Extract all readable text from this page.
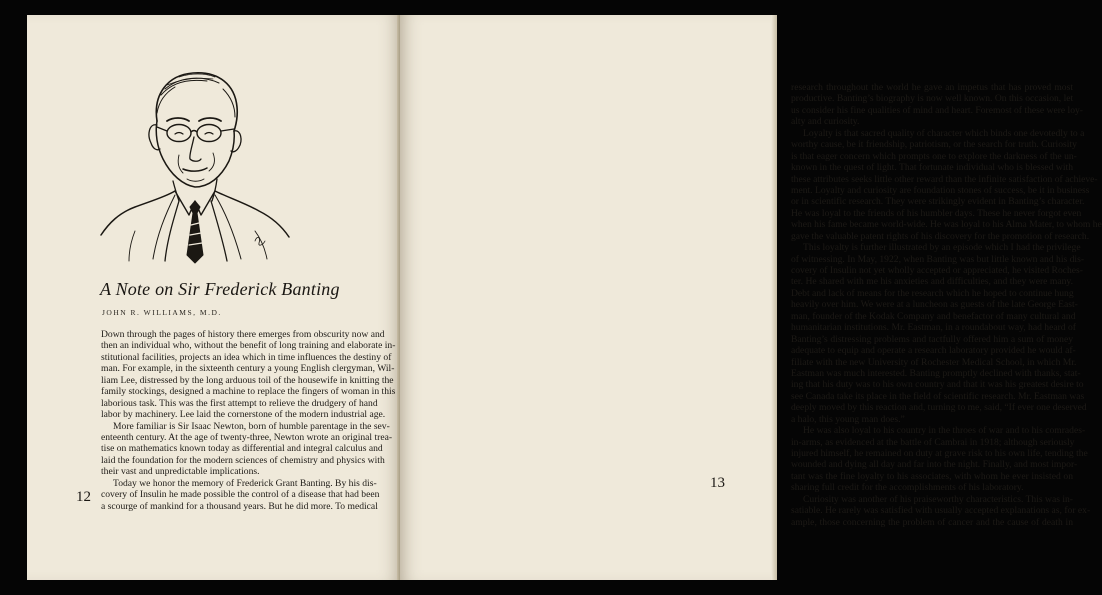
A Note on Sir Frederick Banting
JOHN R. WILLIAMS, M.D.
Down through the pages of history there emerges from obscurity now and
then an individual who, without the benefit of long training and elaborate in-
stitutional facilities, projects an idea which in time influences the destiny of
man. For example, in the sixteenth century a young English clergyman, Wil-
liam Lee, distressed by the long arduous toil of the housewife in knitting the
family stockings, designed a machine to replace the fingers of woman in this
laborious task. This was the first attempt to relieve the drudgery of hand
labor by machinery. Lee laid the cornerstone of the modern industrial age.
More familiar is Sir Isaac Newton, born of humble parentage in the sev-
enteenth century. At the age of twenty-three, Newton wrote an original trea-
tise on mathematics known today as differential and integral calculus and
laid the foundation for the modern sciences of chemistry and physics with
their vast and unpredictable implications.
Today we honor the memory of Frederick Grant Banting. By his dis-
covery of Insulin he made possible the control of a disease that had been
a scourge of mankind for a thousand years. But he did more. To medical
12
research throughout the world he gave an impetus that has proved most
productive. Banting’s biography is now well known. On this occasion, let
us consider his fine qualities of mind and heart. Foremost of these were loy-
alty and curiosity.
Loyalty is that sacred quality of character which binds one devotedly to a
worthy cause, be it friendship, patriotism, or the search for truth. Curiosity
is that eager concern which prompts one to explore the darkness of the un-
known in the quest of light. That fortunate individual who is blessed with
these attributes seeks little other reward than the infinite satisfaction of achieve-
ment. Loyalty and curiosity are foundation stones of success, be it in business
or in scientific research. They were strikingly evident in Banting’s character.
He was loyal to the friends of his humbler days. These he never forgot even
when his fame became world-wide. He was loyal to his Alma Mater, to whom he
gave the valuable patent rights of his discovery for the promotion of research.
This loyalty is further illustrated by an episode which I had the privilege
of witnessing. In May, 1922, when Banting was but little known and his dis-
covery of Insulin not yet wholly accepted or appreciated, he visited Roches-
ter. He shared with me his anxieties and difficulties, and they were many.
Debt and lack of means for the research which he hoped to continue hung
heavily over him. We were at a luncheon as guests of the late George East-
man, founder of the Kodak Company and benefactor of many cultural and
humanitarian institutions. Mr. Eastman, in a roundabout way, had heard of
Banting’s distressing problems and tactfully offered him a sum of money
adequate to equip and operate a research laboratory provided he would af-
filiate with the new University of Rochester Medical School, in which Mr.
Eastman was much interested. Banting promptly declined with thanks, stat-
ing that his duty was to his own country and that it was his greatest desire to
see Canada take its place in the field of scientific research. Mr. Eastman was
deeply moved by this reaction and, turning to me, said, “If ever one deserved
a halo, this young man does.”
He was also loyal to his country in the throes of war and to his comrades-
in-arms, as evidenced at the battle of Cambrai in 1918; although seriously
injured himself, he remained on duty at grave risk to his own life, tending the
wounded and dying all day and far into the night. Finally, and most impor-
tant was the fine loyalty to his associates, with whom he ever insisted on
sharing full credit for the accomplishments of his laboratory.
Curiosity was another of his praiseworthy characteristics. This was in-
satiable. He rarely was satisfied with usually accepted explanations as, for ex-
ample, those concerning the problem of cancer and the cause of death in
13
